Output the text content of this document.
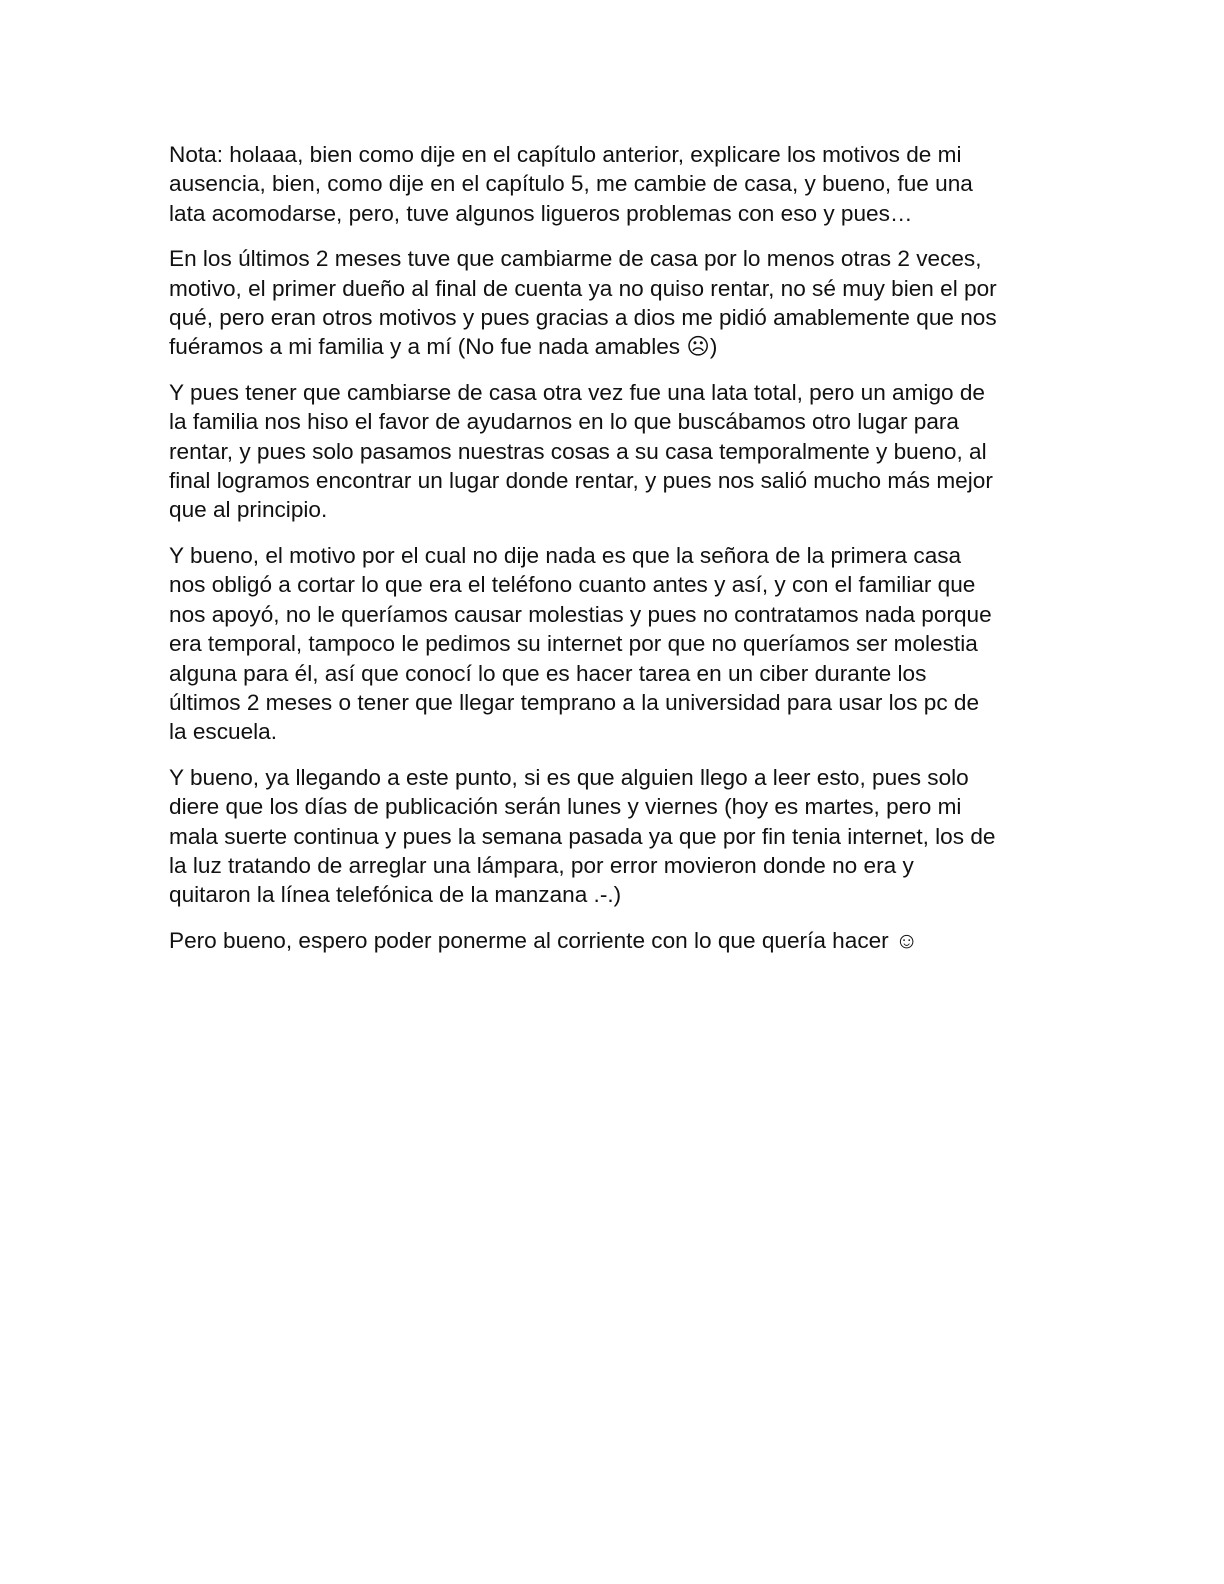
Nota: holaaa, bien como dije en el capítulo anterior, explicare los motivos de mi
ausencia, bien, como dije en el capítulo 5, me cambie de casa, y bueno, fue una
lata acomodarse, pero, tuve algunos ligueros problemas con eso y pues…

En los últimos 2 meses tuve que cambiarme de casa por lo menos otras 2 veces,
motivo, el primer dueño al final de cuenta ya no quiso rentar, no sé muy bien el por
qué, pero eran otros motivos y pues gracias a dios me pidió amablemente que nos
fuéramos a mi familia y a mí (No fue nada amables ☹)

Y pues tener que cambiarse de casa otra vez fue una lata total, pero un amigo de
la familia nos hiso el favor de ayudarnos en lo que buscábamos otro lugar para
rentar, y pues solo pasamos nuestras cosas a su casa temporalmente y bueno, al
final logramos encontrar un lugar donde rentar, y pues nos salió mucho más mejor
que al principio.

Y bueno, el motivo por el cual no dije nada es que la señora de la primera casa
nos obligó a cortar lo que era el teléfono cuanto antes y así, y con el familiar que
nos apoyó, no le queríamos causar molestias y pues no contratamos nada porque
era temporal, tampoco le pedimos su internet por que no queríamos ser molestia
alguna para él, así que conocí lo que es hacer tarea en un ciber durante los
últimos 2 meses o tener que llegar temprano a la universidad para usar los pc de
la escuela.

Y bueno, ya llegando a este punto, si es que alguien llego a leer esto, pues solo
diere que los días de publicación serán lunes y viernes (hoy es martes, pero mi
mala suerte continua y pues la semana pasada ya que por fin tenia internet, los de
la luz tratando de arreglar una lámpara, por error movieron donde no era y
quitaron la línea telefónica de la manzana .-.)

Pero bueno, espero poder ponerme al corriente con lo que quería hacer ☺
